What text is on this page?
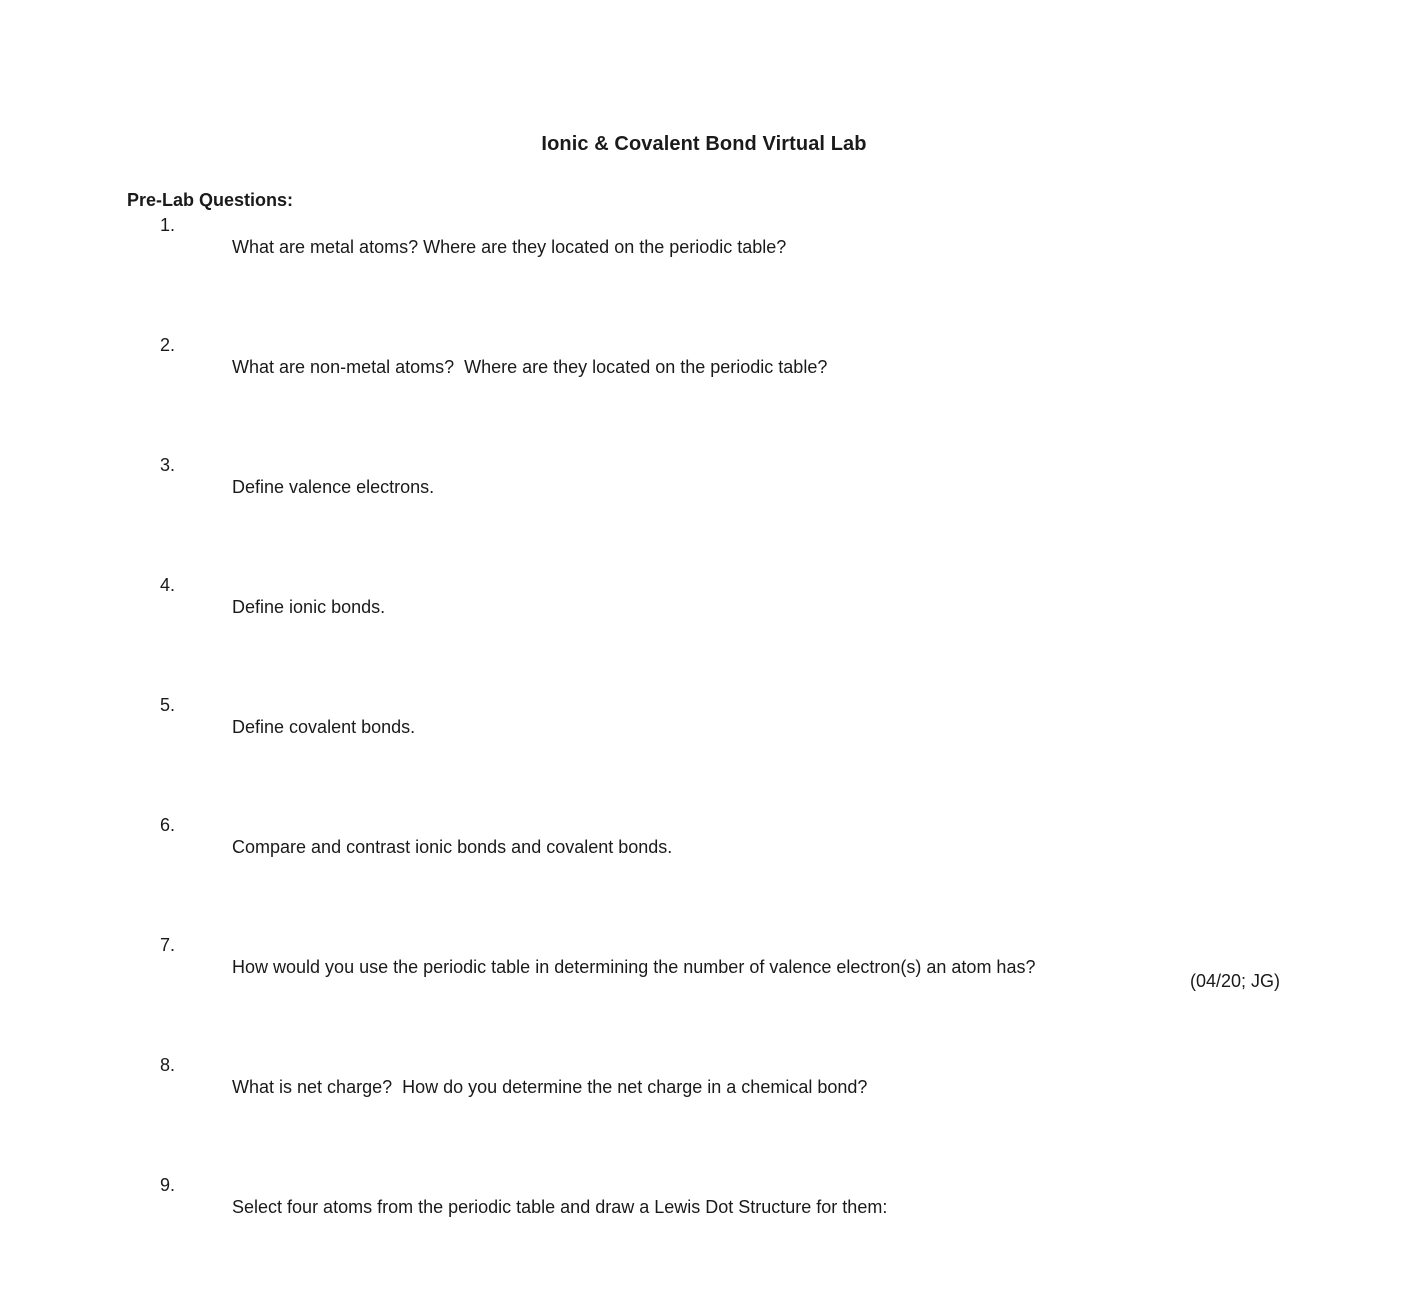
Ionic & Covalent Bond Virtual Lab
Pre-Lab Questions:

1.
What are metal atoms? Where are they located on the periodic table?

2.
What are non-metal atoms?  Where are they located on the periodic table?

3.
Define valence electrons.

4.
Define ionic bonds.

5.
Define covalent bonds.

6.
Compare and contrast ionic bonds and covalent bonds.

7.
How would you use the periodic table in determining the number of valence electron(s) an atom has?

8.
What is net charge?  How do you determine the net charge in a chemical bond?

9.
Select four atoms from the periodic table and draw a Lewis Dot Structure for them:

(04/20; JG)
